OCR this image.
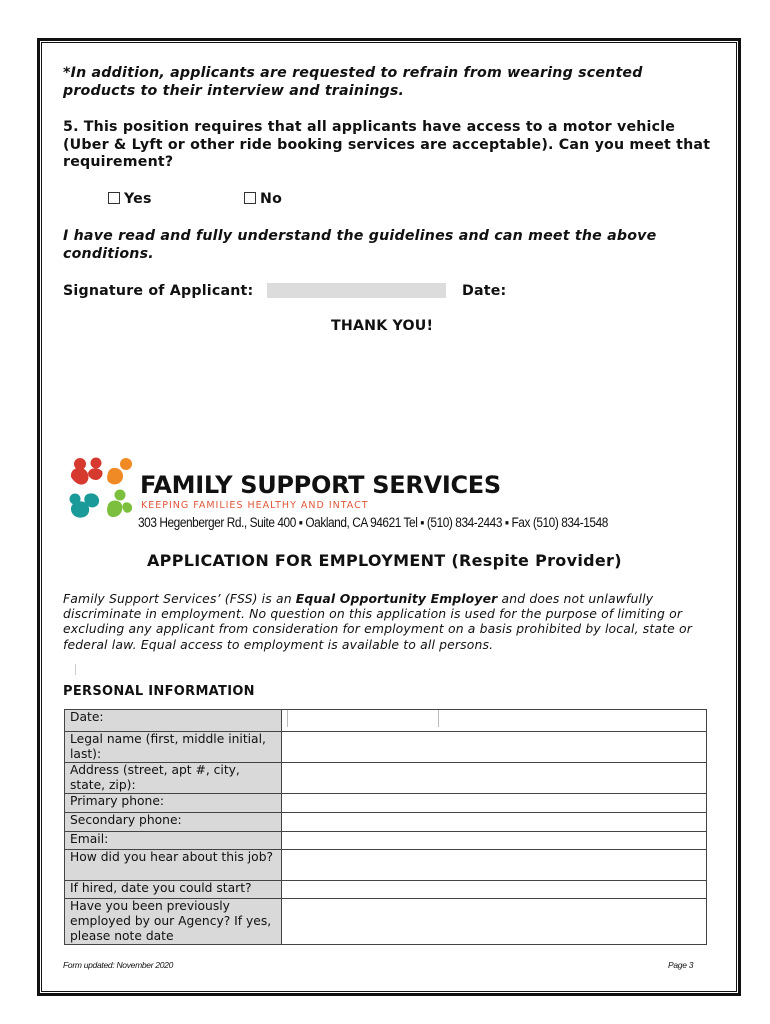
*In addition, applicants are requested to refrain from wearing scented products to their interview and trainings.
5. This position requires that all applicants have access to a motor vehicle (Uber & Lyft or other ride booking services are acceptable). Can you meet that requirement?
Yes	No
I have read and fully understand the guidelines and can meet the above conditions.
Signature of Applicant:	Date:
THANK YOU!
FAMILY SUPPORT SERVICES
KEEPING FAMILIES HEALTHY AND INTACT
303 Hegenberger Rd., Suite 400 ▪ Oakland, CA 94621 Tel ▪ (510) 834-2443 ▪ Fax (510) 834-1548
APPLICATION FOR EMPLOYMENT (Respite Provider)
Family Support Services’ (FSS) is an Equal Opportunity Employer and does not unlawfully discriminate in employment. No question on this application is used for the purpose of limiting or excluding any applicant from consideration for employment on a basis prohibited by local, state or federal law. Equal access to employment is available to all persons.
PERSONAL INFORMATION
Date:	
Legal name (first, middle initial, last):	
Address (street, apt #, city, state, zip):	
Primary phone:	
Secondary phone:	
Email:	
How did you hear about this job?	
If hired, date you could start?	
Have you been previously employed by our Agency? If yes, please note date	
Form updated: November 2020	Page 3
